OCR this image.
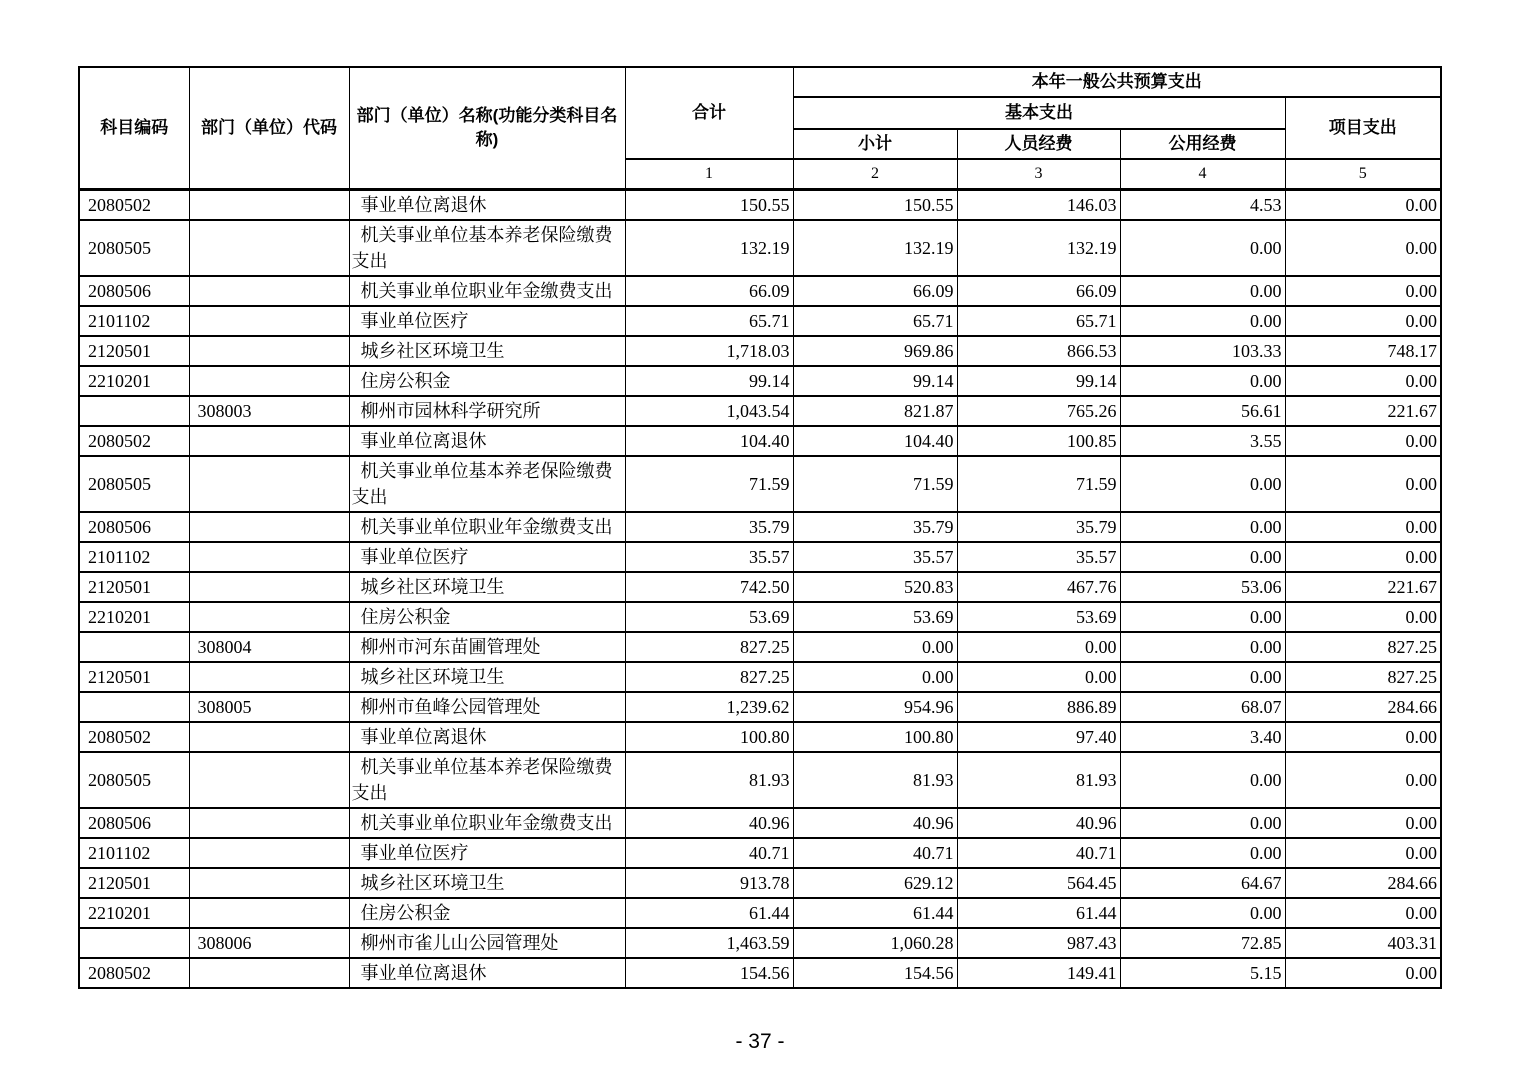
科目编码	部门（单位）代码	部门（单位）名称(功能分类科目名称)	合计	本年一般公共预算支出			
				基本支出			项目支出
				小计	人员经费	公用经费	
			1	2	3	4	5
2080502		事业单位离退休	150.55	150.55	146.03	4.53	0.00
2080505		机关事业单位基本养老保险缴费支出	132.19	132.19	132.19	0.00	0.00
2080506		机关事业单位职业年金缴费支出	66.09	66.09	66.09	0.00	0.00
2101102		事业单位医疗	65.71	65.71	65.71	0.00	0.00
2120501		城乡社区环境卫生	1,718.03	969.86	866.53	103.33	748.17
2210201		住房公积金	99.14	99.14	99.14	0.00	0.00
	308003	柳州市园林科学研究所	1,043.54	821.87	765.26	56.61	221.67
2080502		事业单位离退休	104.40	104.40	100.85	3.55	0.00
2080505		机关事业单位基本养老保险缴费支出	71.59	71.59	71.59	0.00	0.00
2080506		机关事业单位职业年金缴费支出	35.79	35.79	35.79	0.00	0.00
2101102		事业单位医疗	35.57	35.57	35.57	0.00	0.00
2120501		城乡社区环境卫生	742.50	520.83	467.76	53.06	221.67
2210201		住房公积金	53.69	53.69	53.69	0.00	0.00
	308004	柳州市河东苗圃管理处	827.25	0.00	0.00	0.00	827.25
2120501		城乡社区环境卫生	827.25	0.00	0.00	0.00	827.25
	308005	柳州市鱼峰公园管理处	1,239.62	954.96	886.89	68.07	284.66
2080502		事业单位离退休	100.80	100.80	97.40	3.40	0.00
2080505		机关事业单位基本养老保险缴费支出	81.93	81.93	81.93	0.00	0.00
2080506		机关事业单位职业年金缴费支出	40.96	40.96	40.96	0.00	0.00
2101102		事业单位医疗	40.71	40.71	40.71	0.00	0.00
2120501		城乡社区环境卫生	913.78	629.12	564.45	64.67	284.66
2210201		住房公积金	61.44	61.44	61.44	0.00	0.00
	308006	柳州市雀儿山公园管理处	1,463.59	1,060.28	987.43	72.85	403.31
2080502		事业单位离退休	154.56	154.56	149.41	5.15	0.00
- 37 -
